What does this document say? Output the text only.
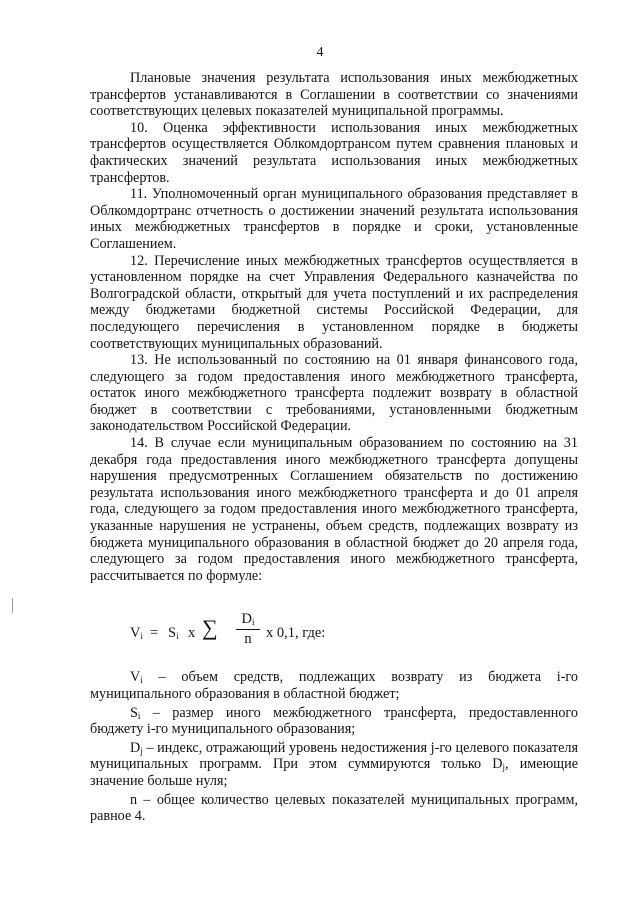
4

Плановые значения результата использования иных межбюджетных трансфертов устанавливаются в Соглашении в соответствии со значениями соответствующих целевых показателей муниципальной программы.

10. Оценка эффективности использования иных межбюджетных трансфертов осуществляется Облкомдортрансом путем сравнения плановых и фактических значений результата использования иных межбюджетных трансфертов.

11. Уполномоченный орган муниципального образования представляет в Облкомдортранс отчетность о достижении значений результата использования иных межбюджетных трансфертов в порядке и сроки, установленные Соглашением.

12. Перечисление иных межбюджетных трансфертов осуществляется в установленном порядке на счет Управления Федерального казначейства по Волгоградской области, открытый для учета поступлений и их распределения между бюджетами бюджетной системы Российской Федерации, для последующего перечисления в установленном порядке в бюджеты соответствующих муниципальных образований.

13. Не использованный по состоянию на 01 января финансового года, следующего за годом предоставления иного межбюджетного трансферта, остаток иного межбюджетного трансферта подлежит возврату в областной бюджет в соответствии с требованиями, установленными бюджетным законодательством Российской Федерации.

14. В случае если муниципальным образованием по состоянию на 31 декабря года предоставления иного межбюджетного трансферта допущены нарушения предусмотренных Соглашением обязательств по достижению результата использования иного межбюджетного трансферта и до 01 апреля года, следующего за годом предоставления иного межбюджетного трансферта, указанные нарушения не устранены, объем средств, подлежащих возврату из бюджета муниципального образования в областной бюджет до 20 апреля года, следующего за годом предоставления иного межбюджетного трансферта, рассчитывается по формуле:

$V_i = S_i$ x ∑ $\frac{D_i}{n}$ x 0,1, где:

$V_i$ – объем средств, подлежащих возврату из бюджета i-го муниципального образования в областной бюджет;

$S_i$ – размер иного межбюджетного трансферта, предоставленного бюджету i-го муниципального образования;

$D_j$ – индекс, отражающий уровень недостижения j-го целевого показателя муниципальных программ. При этом суммируются только $D_j$, имеющие значение больше нуля;

n – общее количество целевых показателей муниципальных программ, равное 4.
